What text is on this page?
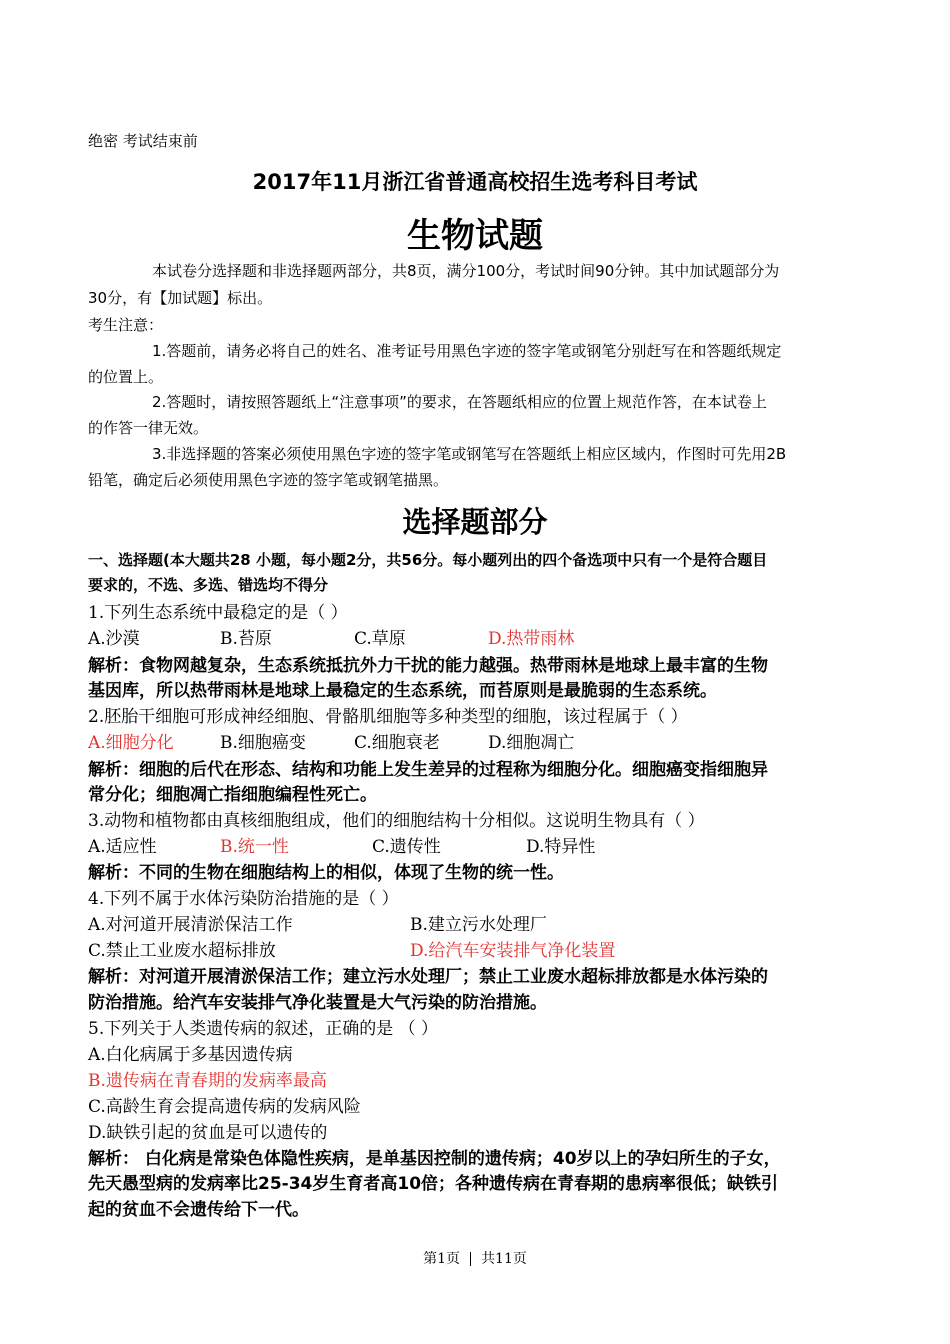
绝密 考试结束前
2017年11月浙江省普通高校招生选考科目考试
生物试题
本试卷分选择题和非选择题两部分，共8页，满分100分，考试时间90分钟。其中加试题部分为
30分，有【加试题】标出。
考生注意：
1.答题前，请务必将自己的姓名、准考证号用黑色字迹的签字笔或钢笔分别赶写在和答题纸规定
的位置上。
2.答题时，请按照答题纸上“注意事项”的要求，在答题纸相应的位置上规范作答，在本试卷上
的作答一律无效。
3.非选择题的答案必须使用黑色字迹的签字笔或钢笔写在答题纸上相应区域内，作图时可先用2B
铅笔，确定后必须使用黑色字迹的签字笔或钢笔描黑。
选择题部分
一、选择题(本大题共28 小题，每小题2分，共56分。每小题列出的四个备选项中只有一个是符合题目
要求的，不选、多选、错选均不得分
1.下列生态系统中最稳定的是（ ）
A.沙漠	B.苔原	C.草原	D.热带雨林
解析：食物网越复杂，生态系统抵抗外力干扰的能力越强。热带雨林是地球上最丰富的生物
基因库，所以热带雨林是地球上最稳定的生态系统，而苔原则是最脆弱的生态系统。
2.胚胎干细胞可形成神经细胞、骨骼肌细胞等多种类型的细胞，该过程属于（ ）
A.细胞分化	B.细胞癌变	C.细胞衰老	D.细胞凋亡
解析：细胞的后代在形态、结构和功能上发生差异的过程称为细胞分化。细胞癌变指细胞异
常分化；细胞凋亡指细胞编程性死亡。
3.动物和植物都由真核细胞组成，他们的细胞结构十分相似。这说明生物具有（ ）
A.适应性	B.统一性	C.遗传性	D.特异性
解析：不同的生物在细胞结构上的相似，体现了生物的统一性。
4.下列不属于水体污染防治措施的是（ ）
A.对河道开展清淤保洁工作	B.建立污水处理厂
C.禁止工业废水超标排放	D.给汽车安装排气净化装置
解析：对河道开展清淤保洁工作；建立污水处理厂；禁止工业废水超标排放都是水体污染的
防治措施。给汽车安装排气净化装置是大气污染的防治措施。
5.下列关于人类遗传病的叙述，正确的是 （ ）
A.白化病属于多基因遗传病
B.遗传病在青春期的发病率最高
C.高龄生育会提高遗传病的发病风险
D.缺铁引起的贫血是可以遗传的
解析： 白化病是常染色体隐性疾病，是单基因控制的遗传病；40岁以上的孕妇所生的子女，
先天愚型病的发病率比25-34岁生育者高10倍；各种遗传病在青春期的患病率很低；缺铁引
起的贫血不会遗传给下一代。
第1页 共11页
